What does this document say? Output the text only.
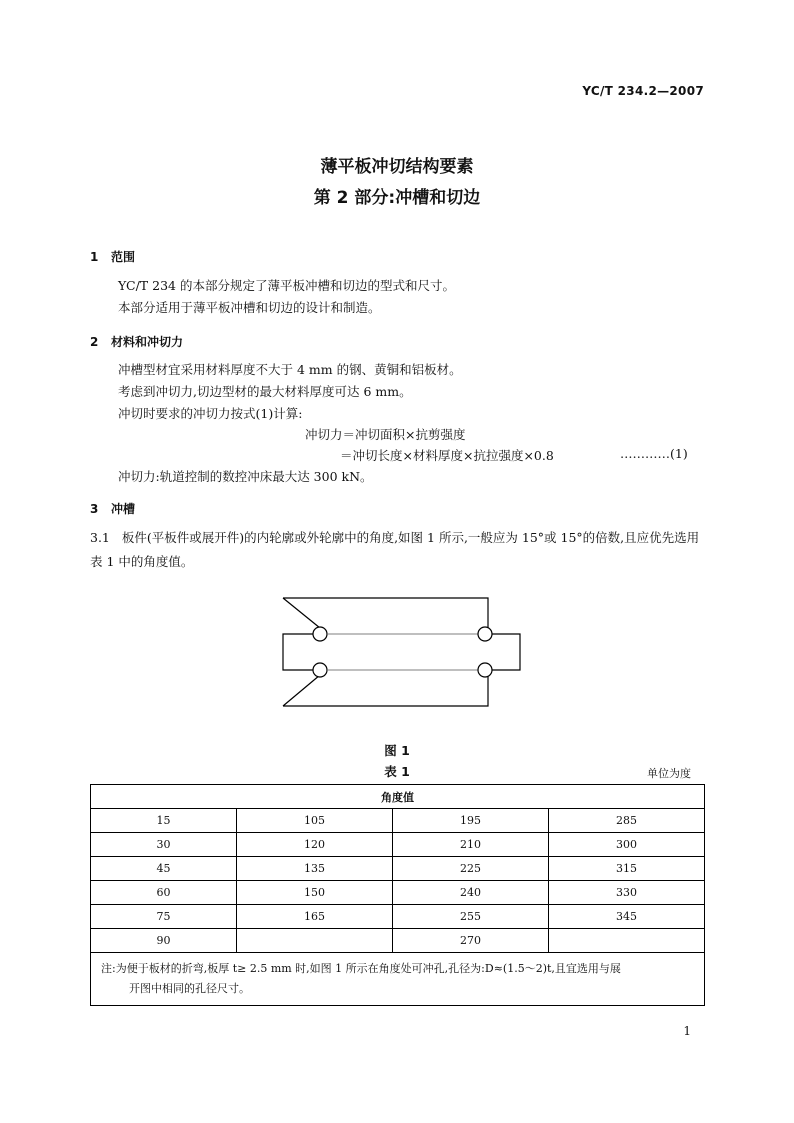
YC/T 234.2—2007
薄平板冲切结构要素
第 2 部分:冲槽和切边
1 范围
YC/T 234 的本部分规定了薄平板冲槽和切边的型式和尺寸。
本部分适用于薄平板冲槽和切边的设计和制造。
2 材料和冲切力
冲槽型材宜采用材料厚度不大于 4 mm 的钢、黄铜和铝板材。
考虑到冲切力,切边型材的最大材料厚度可达 6 mm。
冲切时要求的冲切力按式(1)计算:
冲切力＝冲切面积×抗剪强度
＝冲切长度×材料厚度×抗拉强度×0.8	…………(1)
冲切力:轨道控制的数控冲床最大达 300 kN。
3 冲槽
3.1 板件(平板件或展开件)的内轮廓或外轮廓中的角度,如图 1 所示,一般应为 15°或 15°的倍数,且应优先选用表 1 中的角度值。
图 1
表 1	单位为度
角度值			
15	105	195	285
30	120	210	300
45	135	225	315
60	150	240	330
75	165	255	345
90		270	

注:为便于板材的折弯,板厚 t≥ 2.5 mm 时,如图 1 所示在角度处可冲孔,孔径为:D≈(1.5～2)t,且宜选用与展
开图中相同的孔径尺寸。			
1
